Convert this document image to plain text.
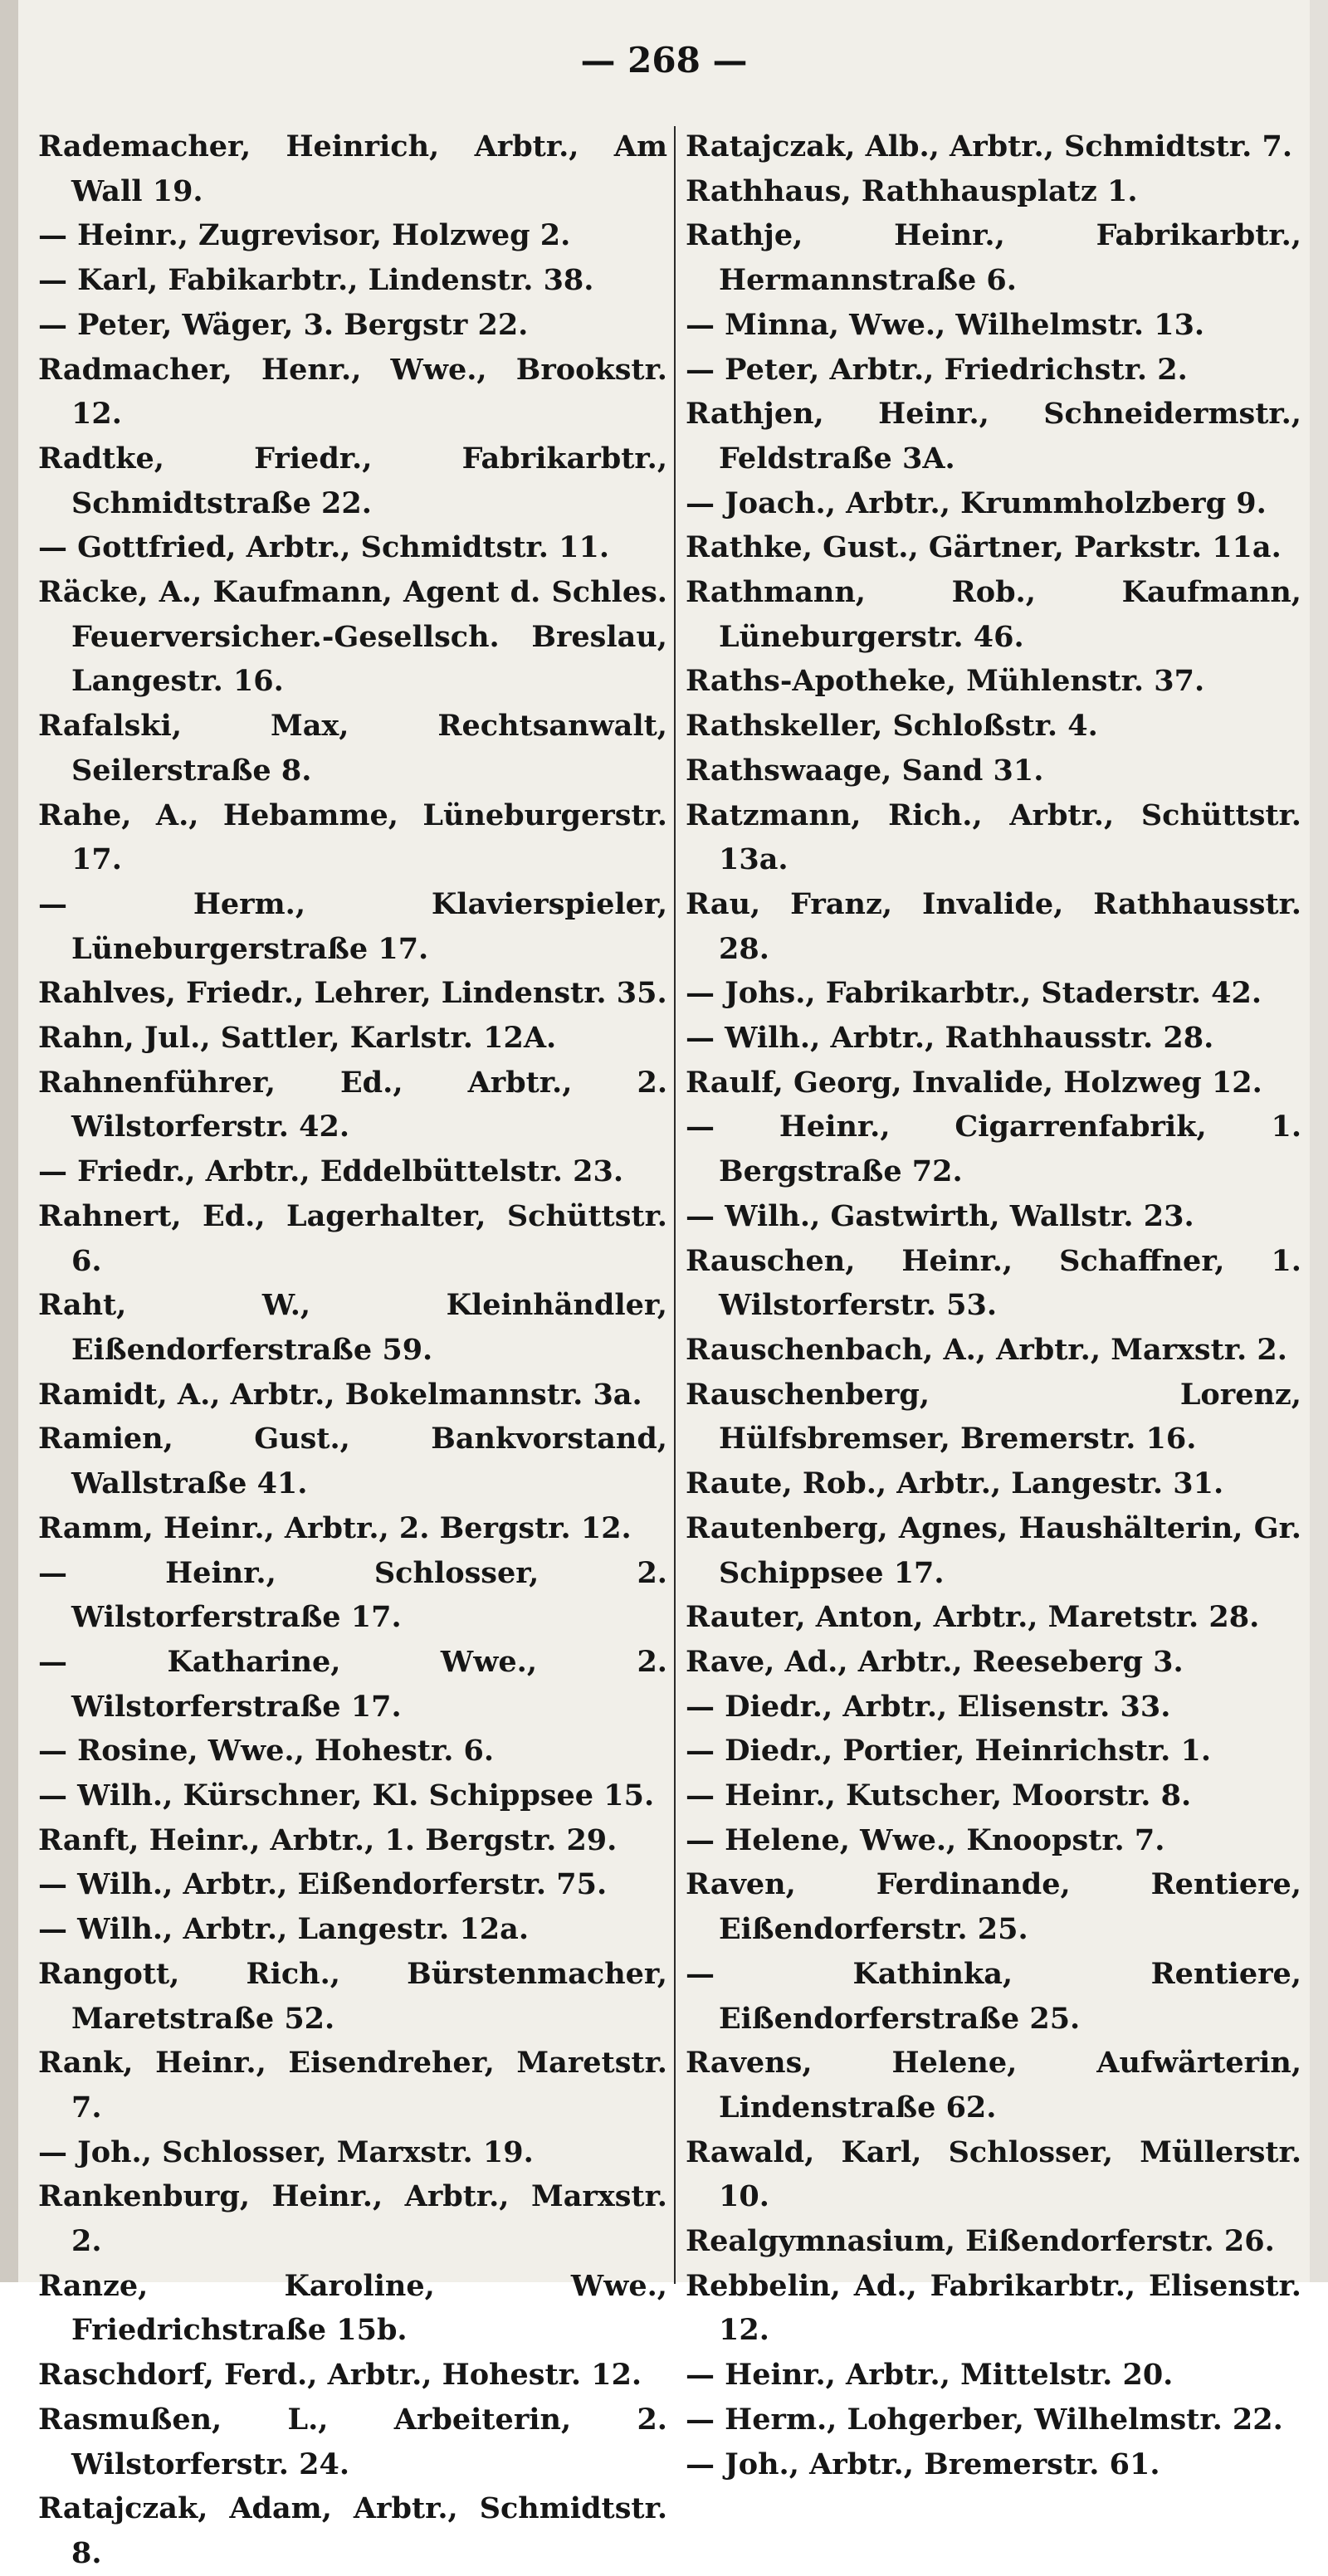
— 268 —
Rademacher, Heinrich, Arbtr., Am Wall 19.
— Heinr., Zugrevisor, Holzweg 2.
— Karl, Fabikarbtr., Lindenstr. 38.
— Peter, Wäger, 3. Bergstr 22.
Radmacher, Henr., Wwe., Brookstr. 12.
Radtke, Friedr., Fabrikarbtr., Schmidtstraße 22.
— Gottfried, Arbtr., Schmidtstr. 11.
Räcke, A., Kaufmann, Agent d. Schles. Feuerversicher.-Gesellsch. Breslau, Langestr. 16.
Rafalski, Max, Rechtsanwalt, Seilerstraße 8.
Rahe, A., Hebamme, Lüneburgerstr. 17.
— Herm., Klavierspieler, Lüneburgerstraße 17.
Rahlves, Friedr., Lehrer, Lindenstr. 35.
Rahn, Jul., Sattler, Karlstr. 12A.
Rahnenführer, Ed., Arbtr., 2. Wilstorferstr. 42.
— Friedr., Arbtr., Eddelbüttelstr. 23.
Rahnert, Ed., Lagerhalter, Schüttstr. 6.
Raht, W., Kleinhändler, Eißendorferstraße 59.
Ramidt, A., Arbtr., Bokelmannstr. 3a.
Ramien, Gust., Bankvorstand, Wallstraße 41.
Ramm, Heinr., Arbtr., 2. Bergstr. 12.
— Heinr., Schlosser, 2. Wilstorferstraße 17.
— Katharine, Wwe., 2. Wilstorferstraße 17.
— Rosine, Wwe., Hohestr. 6.
— Wilh., Kürschner, Kl. Schippsee 15.
Ranft, Heinr., Arbtr., 1. Bergstr. 29.
— Wilh., Arbtr., Eißendorferstr. 75.
— Wilh., Arbtr., Langestr. 12a.
Rangott, Rich., Bürstenmacher, Maretstraße 52.
Rank, Heinr., Eisendreher, Maretstr. 7.
— Joh., Schlosser, Marxstr. 19.
Rankenburg, Heinr., Arbtr., Marxstr. 2.
Ranze, Karoline, Wwe., Friedrichstraße 15b.
Raschdorf, Ferd., Arbtr., Hohestr. 12.
Rasmußen, L., Arbeiterin, 2. Wilstorferstr. 24.
Ratajczak, Adam, Arbtr., Schmidtstr. 8.
Ratajczak, Alb., Arbtr., Schmidtstr. 7.
Rathhaus, Rathhausplatz 1.
Rathje, Heinr., Fabrikarbtr., Hermannstraße 6.
— Minna, Wwe., Wilhelmstr. 13.
— Peter, Arbtr., Friedrichstr. 2.
Rathjen, Heinr., Schneidermstr., Feldstraße 3A.
— Joach., Arbtr., Krummholzberg 9.
Rathke, Gust., Gärtner, Parkstr. 11a.
Rathmann, Rob., Kaufmann, Lüneburgerstr. 46.
Raths-Apotheke, Mühlenstr. 37.
Rathskeller, Schloßstr. 4.
Rathswaage, Sand 31.
Ratzmann, Rich., Arbtr., Schüttstr. 13a.
Rau, Franz, Invalide, Rathhausstr. 28.
— Johs., Fabrikarbtr., Staderstr. 42.
— Wilh., Arbtr., Rathhausstr. 28.
Raulf, Georg, Invalide, Holzweg 12.
— Heinr., Cigarrenfabrik, 1. Bergstraße 72.
— Wilh., Gastwirth, Wallstr. 23.
Rauschen, Heinr., Schaffner, 1. Wilstorferstr. 53.
Rauschenbach, A., Arbtr., Marxstr. 2.
Rauschenberg, Lorenz, Hülfsbremser, Bremerstr. 16.
Raute, Rob., Arbtr., Langestr. 31.
Rautenberg, Agnes, Haushälterin, Gr. Schippsee 17.
Rauter, Anton, Arbtr., Maretstr. 28.
Rave, Ad., Arbtr., Reeseberg 3.
— Diedr., Arbtr., Elisenstr. 33.
— Diedr., Portier, Heinrichstr. 1.
— Heinr., Kutscher, Moorstr. 8.
— Helene, Wwe., Knoopstr. 7.
Raven, Ferdinande, Rentiere, Eißendorferstr. 25.
— Kathinka, Rentiere, Eißendorferstraße 25.
Ravens, Helene, Aufwärterin, Lindenstraße 62.
Rawald, Karl, Schlosser, Müllerstr. 10.
Realgymnasium, Eißendorferstr. 26.
Rebbelin, Ad., Fabrikarbtr., Elisenstr. 12.
— Heinr., Arbtr., Mittelstr. 20.
— Herm., Lohgerber, Wilhelmstr. 22.
— Joh., Arbtr., Bremerstr. 61.
